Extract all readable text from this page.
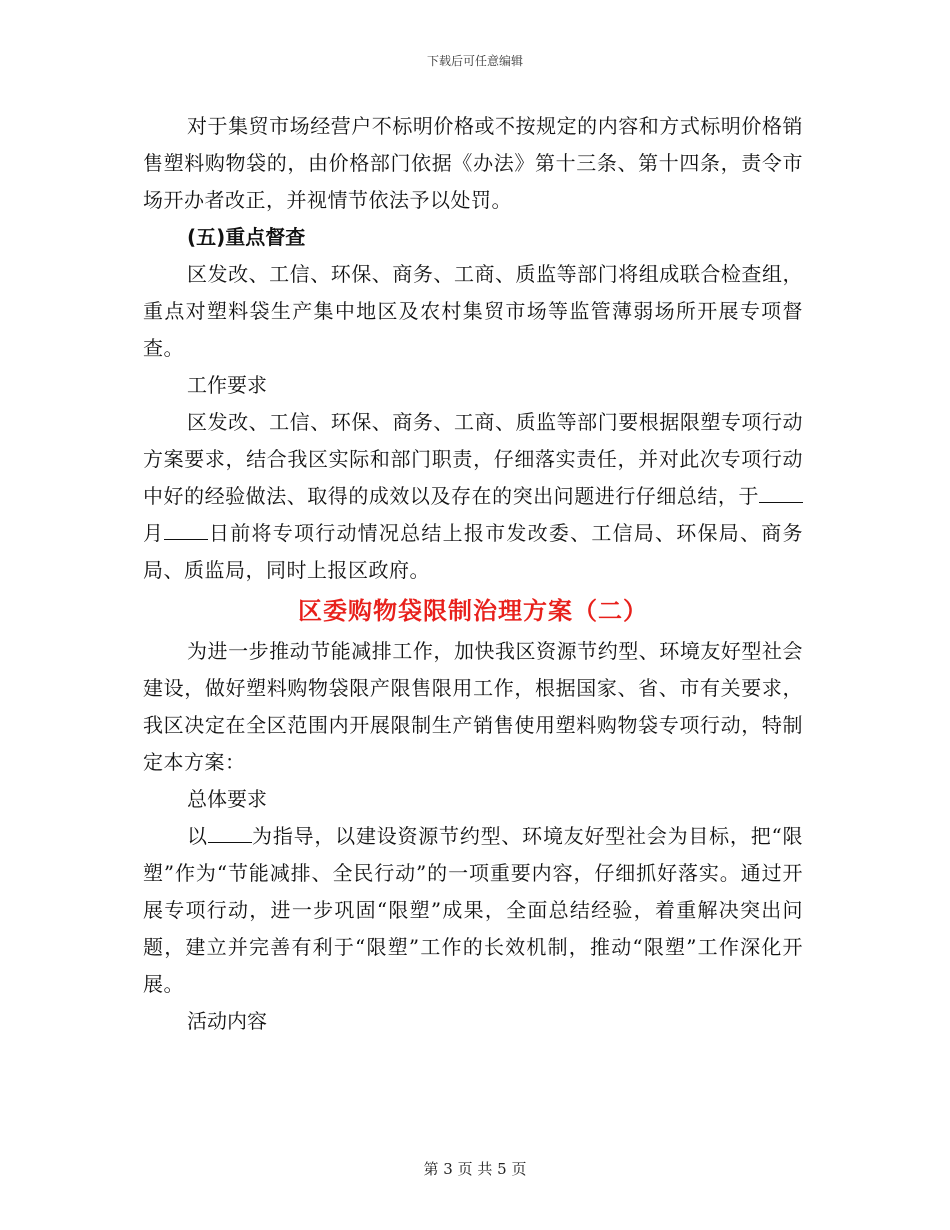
下载后可任意编辑

对于集贸市场经营户不标明价格或不按规定的内容和方式标明价格销售塑料购物袋的，由价格部门依据《办法》第十三条、第十四条，责令市场开办者改正，并视情节依法予以处罚。

(五)重点督查

区发改、工信、环保、商务、工商、质监等部门将组成联合检查组，重点对塑料袋生产集中地区及农村集贸市场等监管薄弱场所开展专项督查。

工作要求

区发改、工信、环保、商务、工商、质监等部门要根据限塑专项行动方案要求，结合我区实际和部门职责，仔细落实责任，并对此次专项行动中好的经验做法、取得的成效以及存在的突出问题进行仔细总结，于月 日前将专项行动情况总结上报市发改委、工信局、环保局、商务局、质监局，同时上报区政府。

区委购物袋限制治理方案（二）

为进一步推动节能减排工作，加快我区资源节约型、环境友好型社会建设，做好塑料购物袋限产限售限用工作，根据国家、省、市有关要求，我区决定在全区范围内开展限制生产销售使用塑料购物袋专项行动，特制定本方案：

总体要求

以 为指导，以建设资源节约型、环境友好型社会为目标，把“限塑”作为“节能减排、全民行动”的一项重要内容，仔细抓好落实。通过开展专项行动，进一步巩固“限塑”成果，全面总结经验，着重解决突出问题，建立并完善有利于“限塑”工作的长效机制，推动“限塑”工作深化开展。

活动内容

第 3 页 共 5 页
